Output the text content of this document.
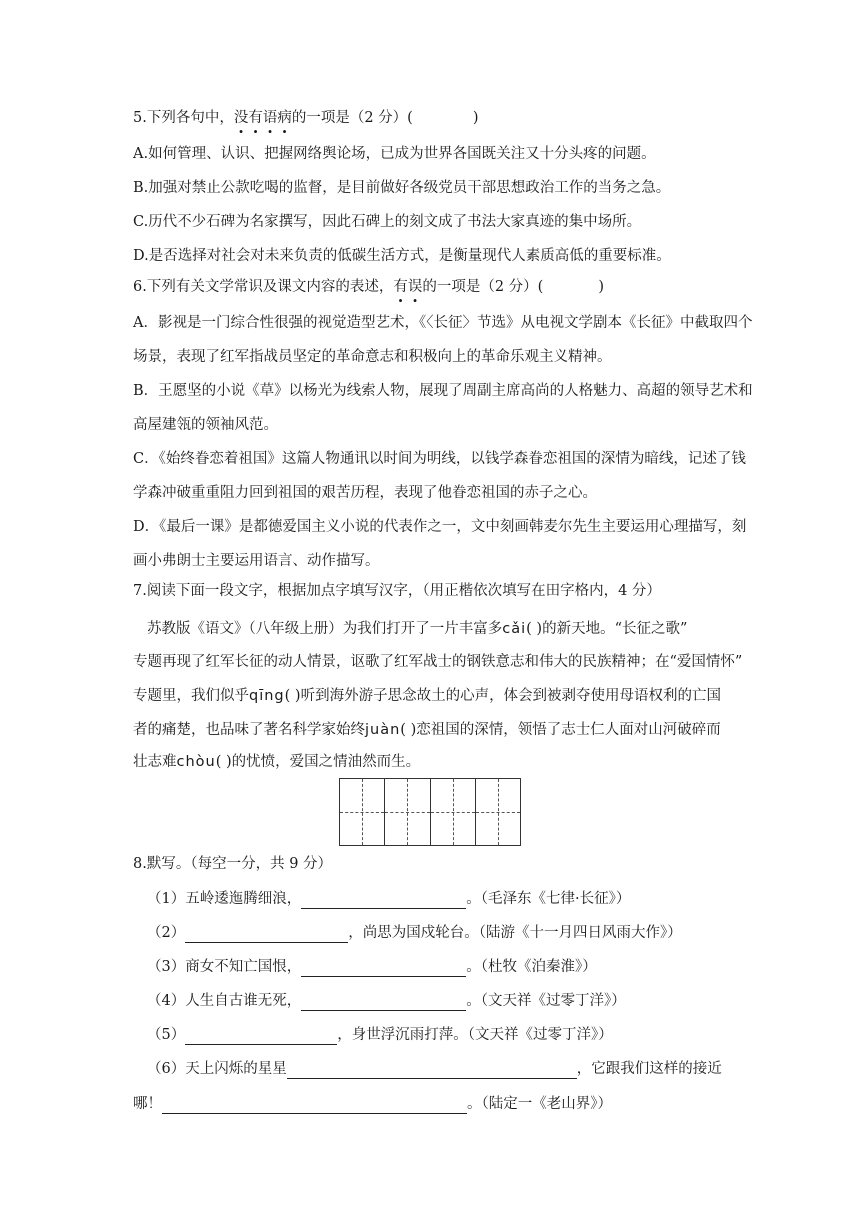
5.下列各句中，没有语病的一项是（2 分）(	)
A.如何管理、认识、把握网络舆论场，已成为世界各国既关注又十分头疼的问题。
B.加强对禁止公款吃喝的监督，是目前做好各级党员干部思想政治工作的当务之急。
C.历代不少石碑为名家撰写，因此石碑上的刻文成了书法大家真迹的集中场所。
D.是否选择对社会对未来负责的低碳生活方式，是衡量现代人素质高低的重要标准。
6.下列有关文学常识及课文内容的表述，有误的一项是（2 分）(	)
A．影视是一门综合性很强的视觉造型艺术，《〈长征〉节选》从电视文学剧本《长征》中截取四个场景，表现了红军指战员坚定的革命意志和积极向上的革命乐观主义精神。
B．王愿坚的小说《草》以杨光为线索人物，展现了周副主席高尚的人格魅力、高超的领导艺术和高屋建瓴的领袖风范。
C．《始终眷恋着祖国》这篇人物通讯以时间为明线，以钱学森眷恋祖国的深情为暗线，记述了钱学森冲破重重阻力回到祖国的艰苦历程，表现了他眷恋祖国的赤子之心。
D．《最后一课》是都德爱国主义小说的代表作之一，文中刻画韩麦尔先生主要运用心理描写，刻画小弗朗士主要运用语言、动作描写。
7.阅读下面一段文字，根据加点字填写汉字，（用正楷依次填写在田字格内，4 分）
苏教版《语文》（八年级上册）为我们打开了一片丰富多cǎi( )的新天地。“长征之歌”
专题再现了红军长征的动人情景，讴歌了红军战士的钢铁意志和伟大的民族精神；在“爱国情怀”
专题里，我们似乎qīng( )听到海外游子思念故土的心声，体会到被剥夺使用母语权利的亡国
者的痛楚，也品味了著名科学家始终juàn( )恋祖国的深情，领悟了志士仁人面对山河破碎而
壮志难chòu( )的忧愤，爱国之情油然而生。
8.默写。（每空一分，共 9 分）
（1）五岭逶迤腾细浪，	。（毛泽东《七律·长征》）
（2）	，尚思为国戍轮台。（陆游《十一月四日风雨大作》）
（3）商女不知亡国恨，	。（杜牧《泊秦淮》）
（4）人生自古谁无死，	。（文天祥《过零丁洋》）
（5）	，身世浮沉雨打萍。（文天祥《过零丁洋》）
（6）天上闪烁的星星	，它跟我们这样的接近
哪！	。（陆定一《老山界》）
